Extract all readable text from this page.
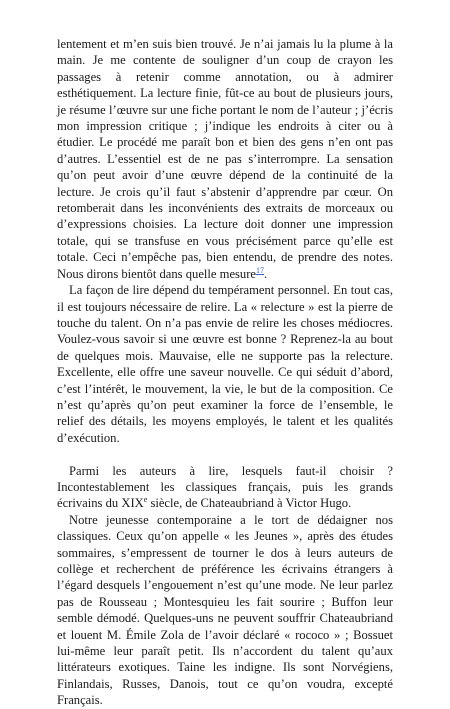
lentement et m’en suis bien trouvé. Je n’ai jamais lu la plume à la main. Je me contente de souligner d’un coup de crayon les passages à retenir comme annotation, ou à admirer esthétiquement. La lecture finie, fût-ce au bout de plusieurs jours, je résume l’œuvre sur une fiche portant le nom de l’auteur ; j’écris mon impression critique ; j’indique les endroits à citer ou à étudier. Le procédé me paraît bon et bien des gens n’en ont pas d’autres. L’essentiel est de ne pas s’interrompre. La sensation qu’on peut avoir d’une œuvre dépend de la continuité de la lecture. Je crois qu’il faut s’abstenir d’apprendre par cœur. On retomberait dans les inconvénients des extraits de morceaux ou d’expressions choisies. La lecture doit donner une impression totale, qui se transfuse en vous précisément parce qu’elle est totale. Ceci n’empêche pas, bien entendu, de prendre des notes. Nous dirons bientôt dans quelle mesure$^{17}$.

La façon de lire dépend du tempérament personnel. En tout cas, il est toujours nécessaire de relire. La « relecture » est la pierre de touche du talent. On n’a pas envie de relire les choses médiocres. Voulez-vous savoir si une œuvre est bonne ? Reprenez-la au bout de quelques mois. Mauvaise, elle ne supporte pas la relecture. Excellente, elle offre une saveur nouvelle. Ce qui séduit d’abord, c’est l’intérêt, le mouvement, la vie, le but de la composition. Ce n’est qu’après qu’on peut examiner la force de l’ensemble, le relief des détails, les moyens employés, le talent et les qualités d’exécution.

Parmi les auteurs à lire, lesquels faut-il choisir ? Incontestablement les classiques français, puis les grands écrivains du XIXe siècle, de Chateaubriand à Victor Hugo.

Notre jeunesse contemporaine a le tort de dédaigner nos classiques. Ceux qu’on appelle « les Jeunes », après des études sommaires, s’empressent de tourner le dos à leurs auteurs de collège et recherchent de préférence les écrivains étrangers à l’égard desquels l’engouement n’est qu’une mode. Ne leur parlez pas de Rousseau ; Montesquieu les fait sourire ; Buffon leur semble démodé. Quelques-uns ne peuvent souffrir Chateaubriand et louent M. Émile Zola de l’avoir déclaré « rococo » ; Bossuet lui-même leur paraît petit. Ils n’accordent du talent qu’aux littérateurs exotiques. Taine les indigne. Ils sont Norvégiens, Finlandais, Russes, Danois, tout ce qu’on voudra, excepté Français.
